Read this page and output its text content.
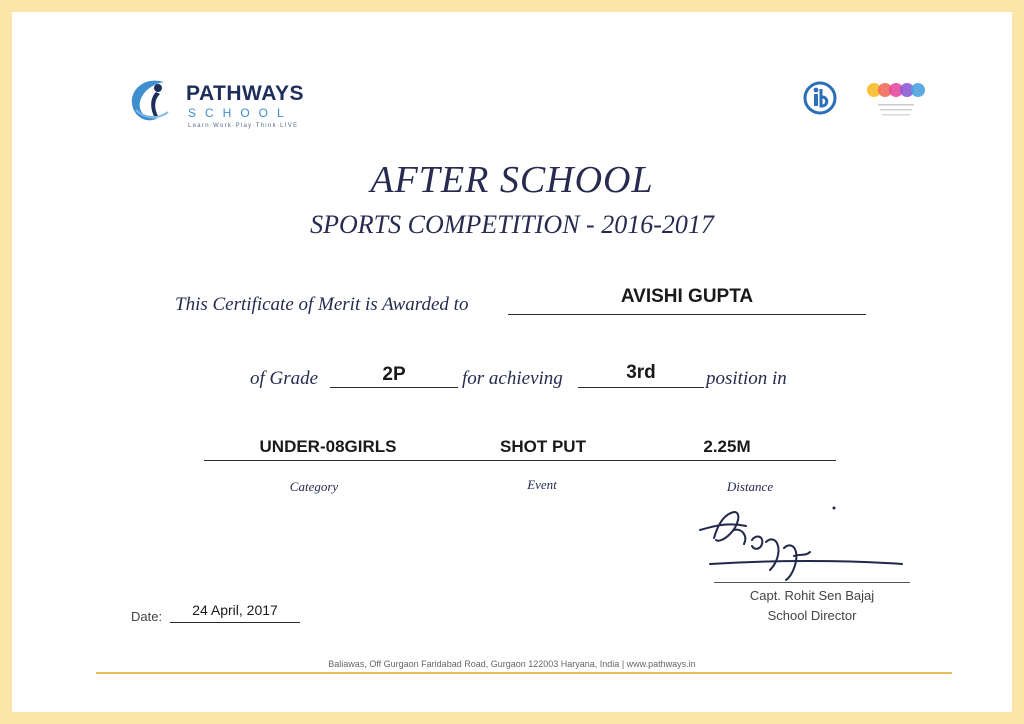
PATHWAYS
SCHOOL
Learn·Work·Play·Think·LIVE
AFTER SCHOOL
SPORTS COMPETITION - 2016-2017
This Certificate of Merit is Awarded to	AVISHI GUPTA
of Grade	2P	for achieving	3rd	position in
UNDER-08GIRLS	SHOT PUT	2.25M
Category	Event	Distance
Capt. Rohit Sen Bajaj
School Director
Date:	24 April, 2017
Baliawas, Off Gurgaon Faridabad Road, Gurgaon 122003 Haryana, India | www.pathways.in
